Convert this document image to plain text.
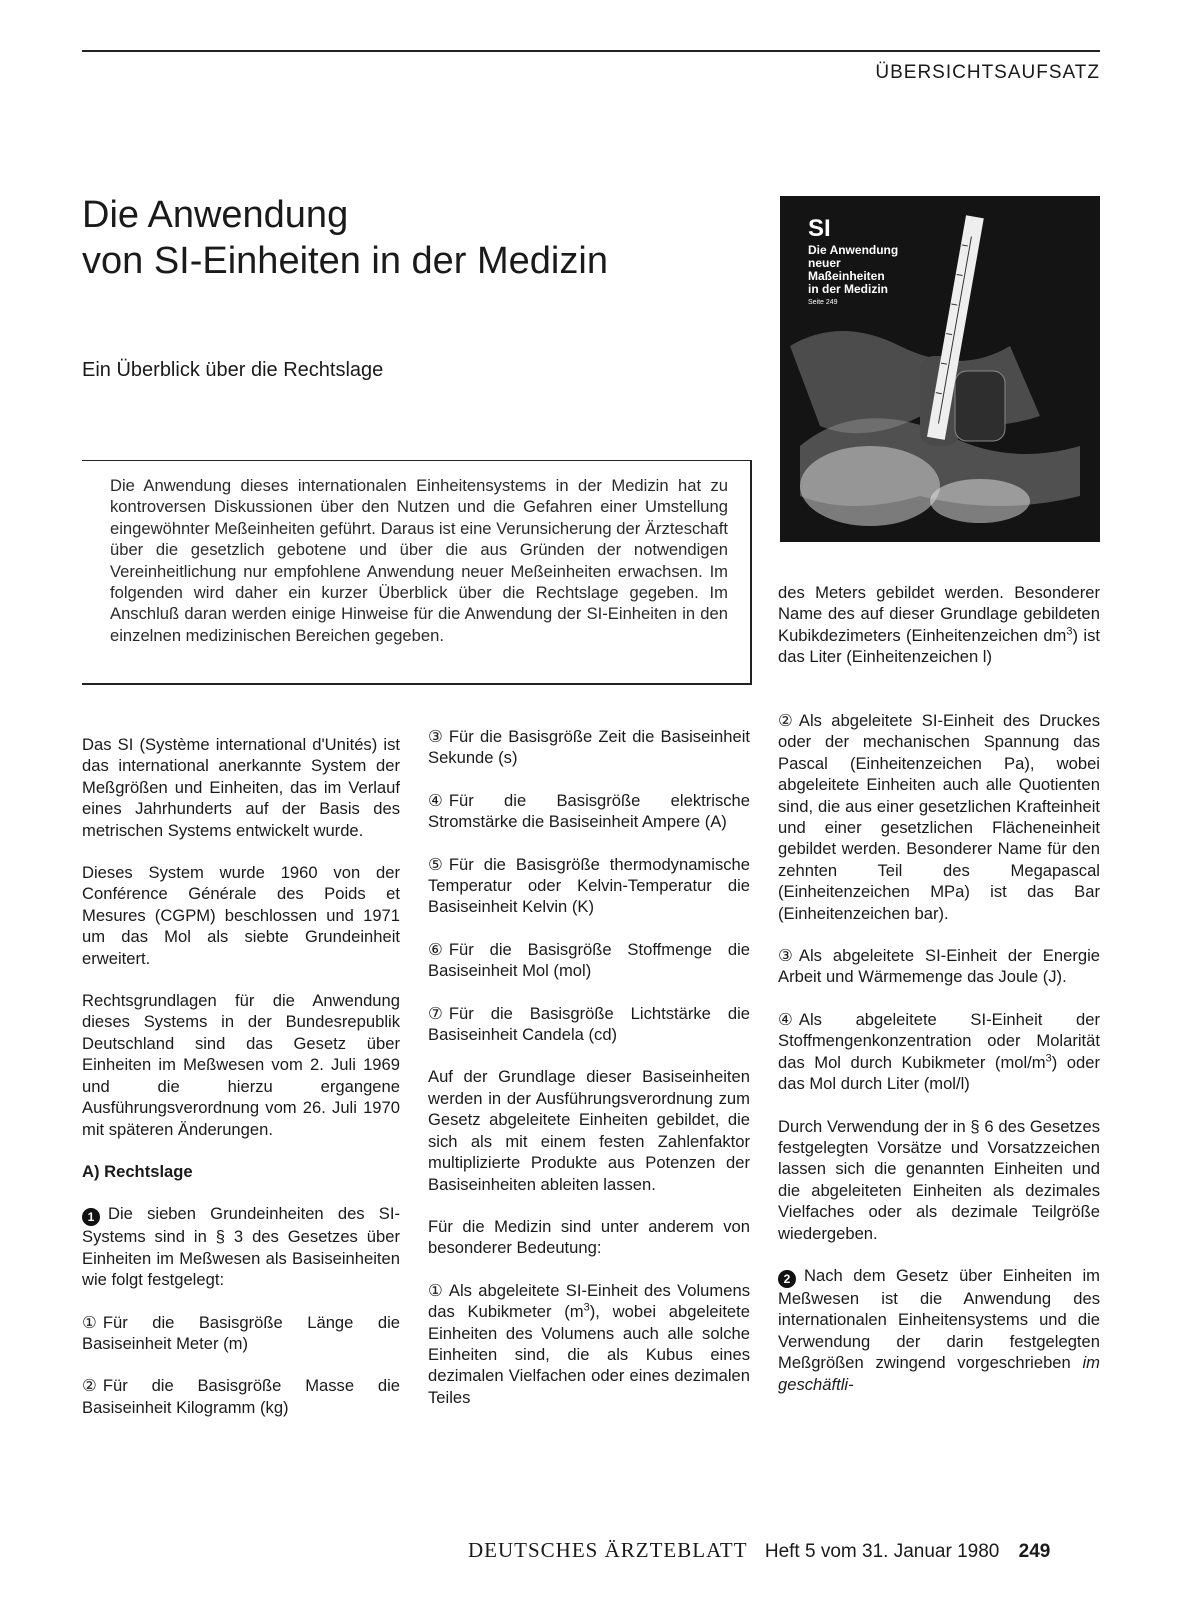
ÜBERSICHTSAUFSATZ
Die Anwendung
von SI-Einheiten in der Medizin
Ein Überblick über die Rechtslage
SI
Die Anwendung
neuer
Maßeinheiten
in der Medizin
Seite 249
Die Anwendung dieses internationalen Einheitensystems in der Medizin hat zu kontroversen Diskussionen über den Nutzen und die Gefahren einer Umstellung eingewöhnter Meßeinheiten geführt. Daraus ist eine Verunsicherung der Ärzteschaft über die gesetzlich gebotene und über die aus Gründen der notwendigen Vereinheitlichung nur empfohlene Anwendung neuer Meßeinheiten erwachsen. Im folgenden wird daher ein kurzer Überblick über die Rechtslage gegeben. Im Anschluß daran werden einige Hinweise für die Anwendung der SI-Einheiten in den einzelnen medizinischen Bereichen gegeben.

Das SI (Système international d'Unités) ist das international anerkannte System der Meßgrößen und Einheiten, das im Verlauf eines Jahrhunderts auf der Basis des metrischen Systems entwickelt wurde.

Dieses System wurde 1960 von der Conférence Générale des Poids et Mesures (CGPM) beschlossen und 1971 um das Mol als siebte Grundeinheit erweitert.

Rechtsgrundlagen für die Anwendung dieses Systems in der Bundesrepublik Deutschland sind das Gesetz über Einheiten im Meßwesen vom 2. Juli 1969 und die hierzu ergangene Ausführungsverordnung vom 26. Juli 1970 mit späteren Änderungen.

A) Rechtslage

1 Die sieben Grundeinheiten des SI-Systems sind in § 3 des Gesetzes über Einheiten im Meßwesen als Basiseinheiten wie folgt festgelegt:

① Für die Basisgröße Länge die Basiseinheit Meter (m)

② Für die Basisgröße Masse die Basiseinheit Kilogramm (kg)

③ Für die Basisgröße Zeit die Basiseinheit Sekunde (s)

④ Für die Basisgröße elektrische Stromstärke die Basiseinheit Ampere (A)

⑤ Für die Basisgröße thermodynamische Temperatur oder Kelvin-Temperatur die Basiseinheit Kelvin (K)

⑥ Für die Basisgröße Stoffmenge die Basiseinheit Mol (mol)

⑦ Für die Basisgröße Lichtstärke die Basiseinheit Candela (cd)

Auf der Grundlage dieser Basiseinheiten werden in der Ausführungsverordnung zum Gesetz abgeleitete Einheiten gebildet, die sich als mit einem festen Zahlenfaktor multiplizierte Produkte aus Potenzen der Basiseinheiten ableiten lassen.

Für die Medizin sind unter anderem von besonderer Bedeutung:

① Als abgeleitete SI-Einheit des Volumens das Kubikmeter $(m^3)$, wobei abgeleitete Einheiten des Volumens auch alle solche Einheiten sind, die als Kubus eines dezimalen Vielfachen oder eines dezimalen Teiles

des Meters gebildet werden. Besonderer Name des auf dieser Grundlage gebildeten Kubikdezimeters (Einheitenzeichen $dm^3$) ist das Liter (Einheitenzeichen l)

② Als abgeleitete SI-Einheit des Druckes oder der mechanischen Spannung das Pascal (Einheitenzeichen Pa), wobei abgeleitete Einheiten auch alle Quotienten sind, die aus einer gesetzlichen Krafteinheit und einer gesetzlichen Flächeneinheit gebildet werden. Besonderer Name für den zehnten Teil des Megapascal (Einheitenzeichen MPa) ist das Bar (Einheitenzeichen bar).

③ Als abgeleitete SI-Einheit der Energie Arbeit und Wärmemenge das Joule (J).

④ Als abgeleitete SI-Einheit der Stoffmengenkonzentration oder Molarität das Mol durch Kubikmeter $(mol/m^3)$ oder das Mol durch Liter (mol/l)

Durch Verwendung der in § 6 des Gesetzes festgelegten Vorsätze und Vorsatzzeichen lassen sich die genannten Einheiten und die abgeleiteten Einheiten als dezimales Vielfaches oder als dezimale Teilgröße wiedergeben.

2 Nach dem Gesetz über Einheiten im Meßwesen ist die Anwendung des internationalen Einheitensystems und die Verwendung der darin festgelegten Meßgrößen zwingend vorgeschrieben im geschäftli-

DEUTSCHES ÄRZTEBLATT Heft 5 vom 31. Januar 1980 249
